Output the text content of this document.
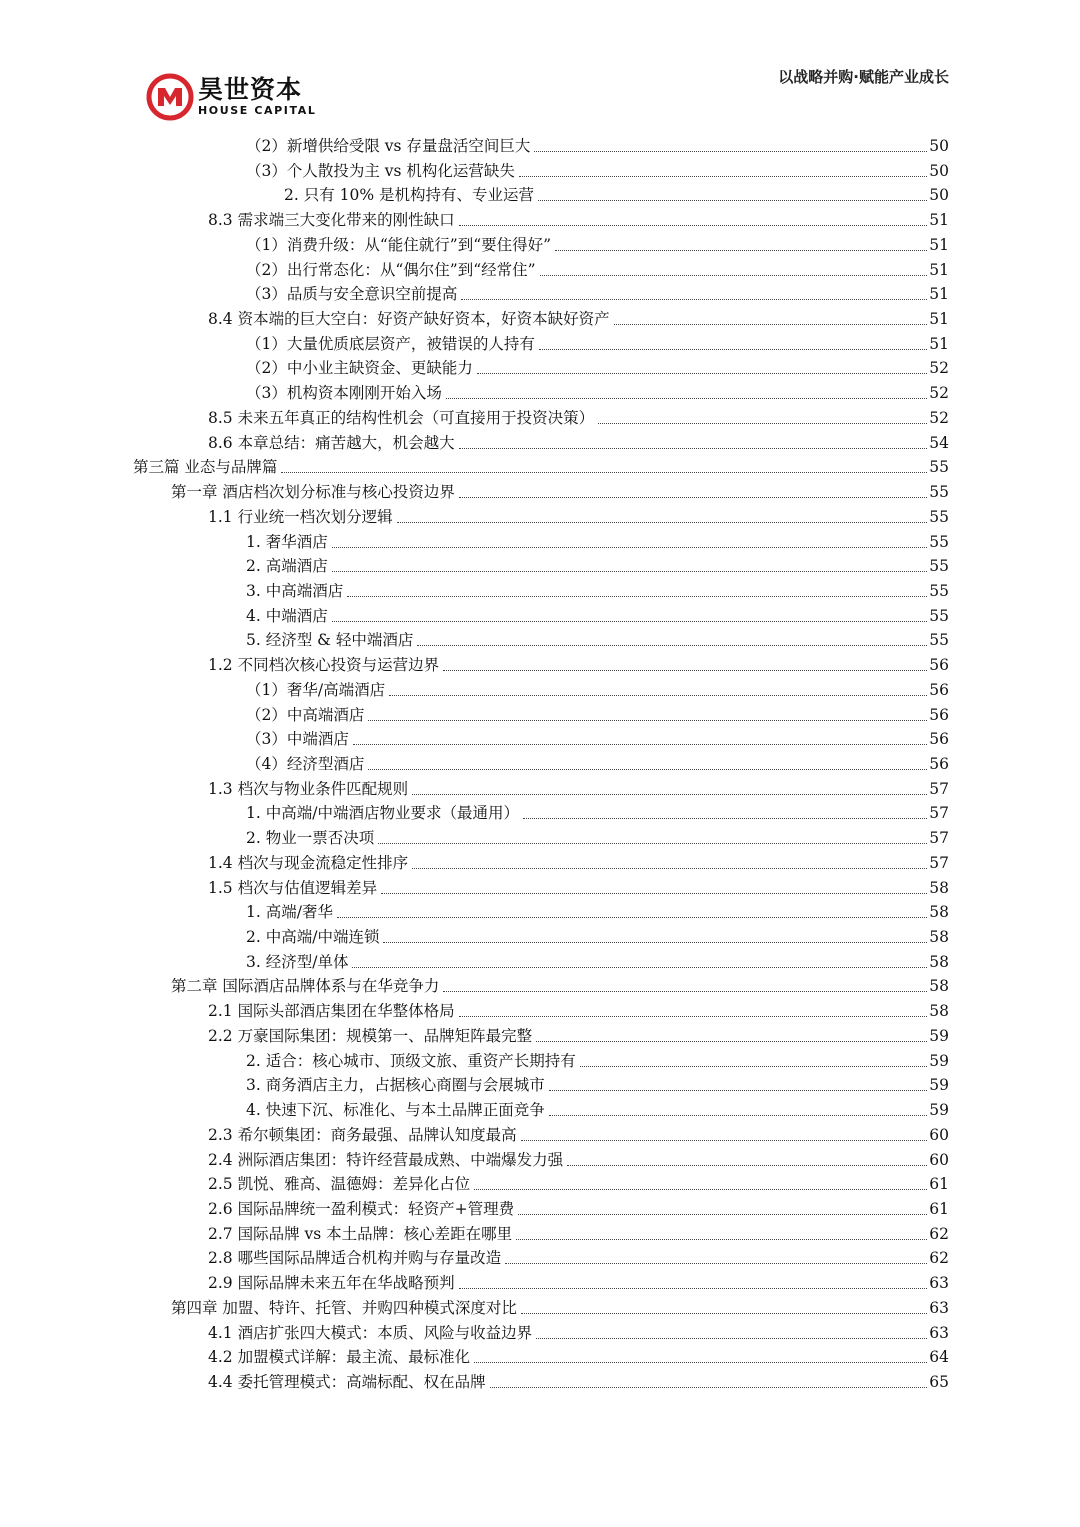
昊世资本
HOUSE CAPITAL
以战略并购·赋能产业成长
（2）新增供给受限 vs 存量盘活空间巨大	50
（3）个人散投为主 vs 机构化运营缺失	50
2. 只有 10% 是机构持有、专业运营	50
8.3 需求端三大变化带来的刚性缺口	51
（1）消费升级：从“能住就行”到“要住得好”	51
（2）出行常态化：从“偶尔住”到“经常住”	51
（3）品质与安全意识空前提高	51
8.4 资本端的巨大空白：好资产缺好资本，好资本缺好资产	51
（1）大量优质底层资产，被错误的人持有	51
（2）中小业主缺资金、更缺能力	52
（3）机构资本刚刚开始入场	52
8.5 未来五年真正的结构性机会（可直接用于投资决策）	52
8.6 本章总结：痛苦越大，机会越大	54
第三篇 业态与品牌篇	55
第一章 酒店档次划分标准与核心投资边界	55
1.1 行业统一档次划分逻辑	55
1. 奢华酒店	55
2. 高端酒店	55
3. 中高端酒店	55
4. 中端酒店	55
5. 经济型 & 轻中端酒店	55
1.2 不同档次核心投资与运营边界	56
（1）奢华/高端酒店	56
（2）中高端酒店	56
（3）中端酒店	56
（4）经济型酒店	56
1.3 档次与物业条件匹配规则	57
1. 中高端/中端酒店物业要求（最通用）	57
2. 物业一票否决项	57
1.4 档次与现金流稳定性排序	57
1.5 档次与估值逻辑差异	58
1. 高端/奢华	58
2. 中高端/中端连锁	58
3. 经济型/单体	58
第二章 国际酒店品牌体系与在华竞争力	58
2.1 国际头部酒店集团在华整体格局	58
2.2 万豪国际集团：规模第一、品牌矩阵最完整	59
2. 适合：核心城市、顶级文旅、重资产长期持有	59
3. 商务酒店主力，占据核心商圈与会展城市	59
4. 快速下沉、标准化、与本土品牌正面竞争	59
2.3 希尔顿集团：商务最强、品牌认知度最高	60
2.4 洲际酒店集团：特许经营最成熟、中端爆发力强	60
2.5 凯悦、雅高、温德姆：差异化占位	61
2.6 国际品牌统一盈利模式：轻资产+管理费	61
2.7 国际品牌 vs 本土品牌：核心差距在哪里	62
2.8 哪些国际品牌适合机构并购与存量改造	62
2.9 国际品牌未来五年在华战略预判	63
第四章 加盟、特许、托管、并购四种模式深度对比	63
4.1 酒店扩张四大模式：本质、风险与收益边界	63
4.2 加盟模式详解：最主流、最标准化	64
4.4 委托管理模式：高端标配、权在品牌	65
